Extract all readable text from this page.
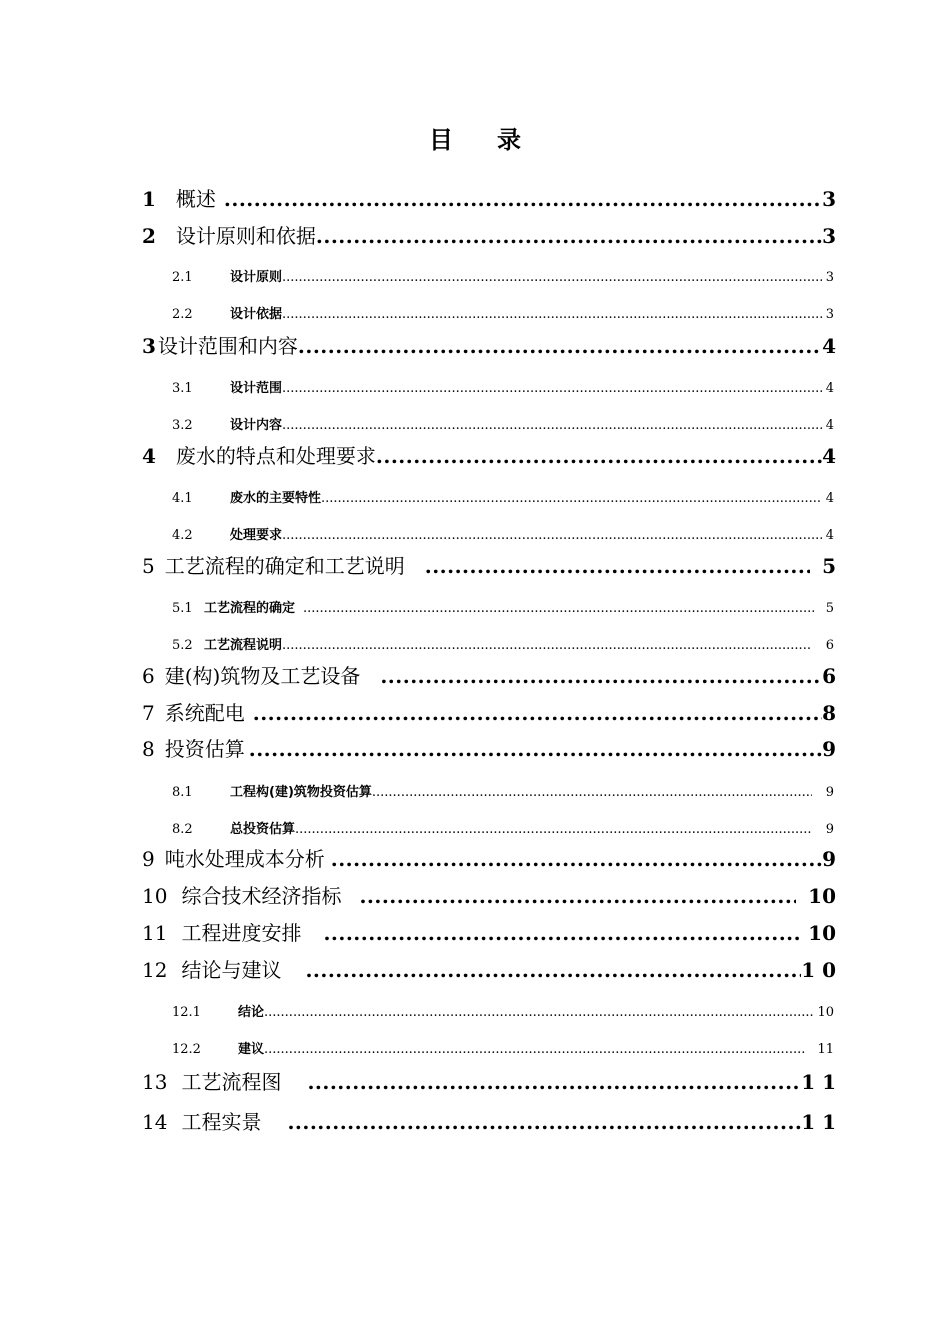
目 录
1 概述 .....	3
2 设计原则和依据 .....	3
2.1	设计原则 .....	3
2.2	设计依据 .....	3
3 设计范围和内容 .....	4
3.1	设计范围 .....	4
3.2	设计内容 .....	4
4 废水的特点和处理要求 .....	4
4.1	废水的主要特性 .....	4
4.2	处理要求 .....	4
5 工艺流程的确定和工艺说明 .....	5
5.1 工艺流程的确定 .....	5
5.2 工艺流程说明 .....	6
6 建(构)筑物及工艺设备 .....	6
7 系统配电 .....	8
8 投资估算 .....	9
8.1	工程构(建)筑物投资估算 .....	9
8.2	总投资估算 .....	9
9 吨水处理成本分析 .....	9
10 综合技术经济指标 .....	10
11 工程进度安排 .....	10
12 结论与建议 .....	1 0
12.1	结论 .....	10
12.2	建议 .....	11
13 工艺流程图 .....	1 1
14 工程实景 .....	1 1
